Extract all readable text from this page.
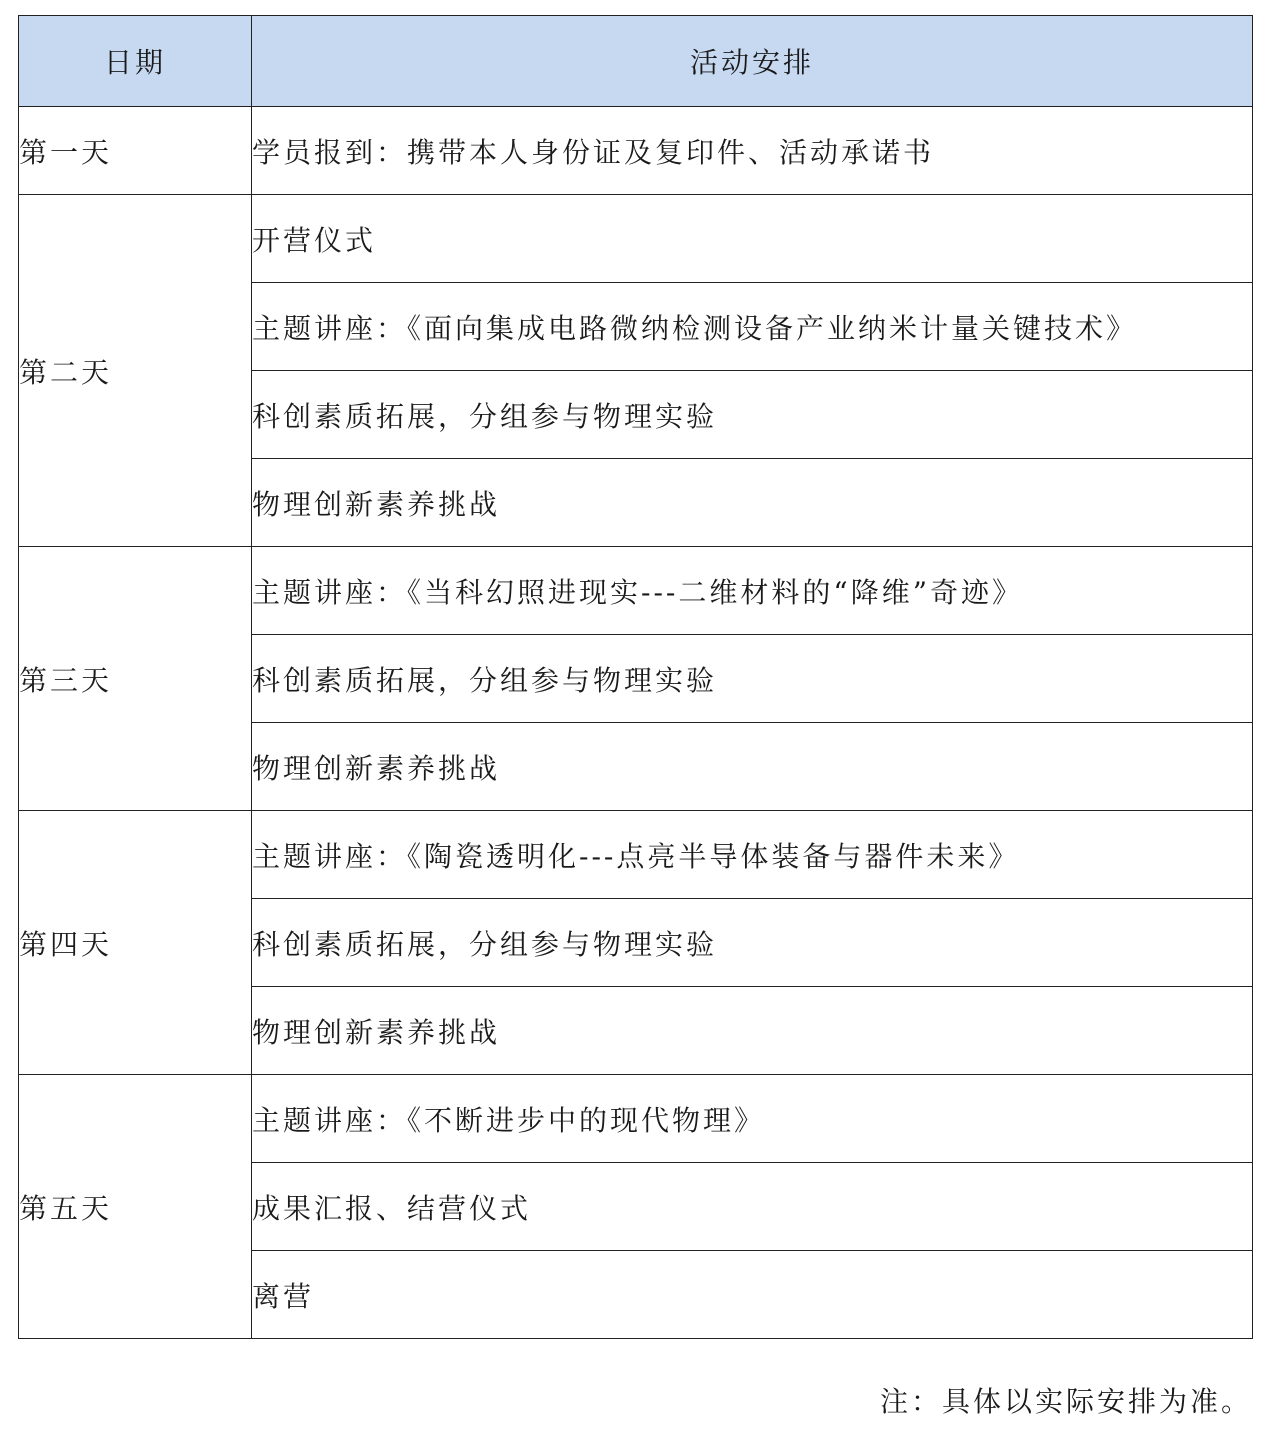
日期	活动安排
第一天	学员报到：携带本人身份证及复印件、活动承诺书
第二天	开营仪式
	主题讲座：《面向集成电路微纳检测设备产业纳米计量关键技术》
	科创素质拓展，分组参与物理实验
	物理创新素养挑战
第三天	主题讲座：《当科幻照进现实---二维材料的“降维”奇迹》
	科创素质拓展，分组参与物理实验
	物理创新素养挑战
第四天	主题讲座：《陶瓷透明化---点亮半导体装备与器件未来》
	科创素质拓展，分组参与物理实验
	物理创新素养挑战
第五天	主题讲座：《不断进步中的现代物理》
	成果汇报、结营仪式
	离营
注：具体以实际安排为准。
